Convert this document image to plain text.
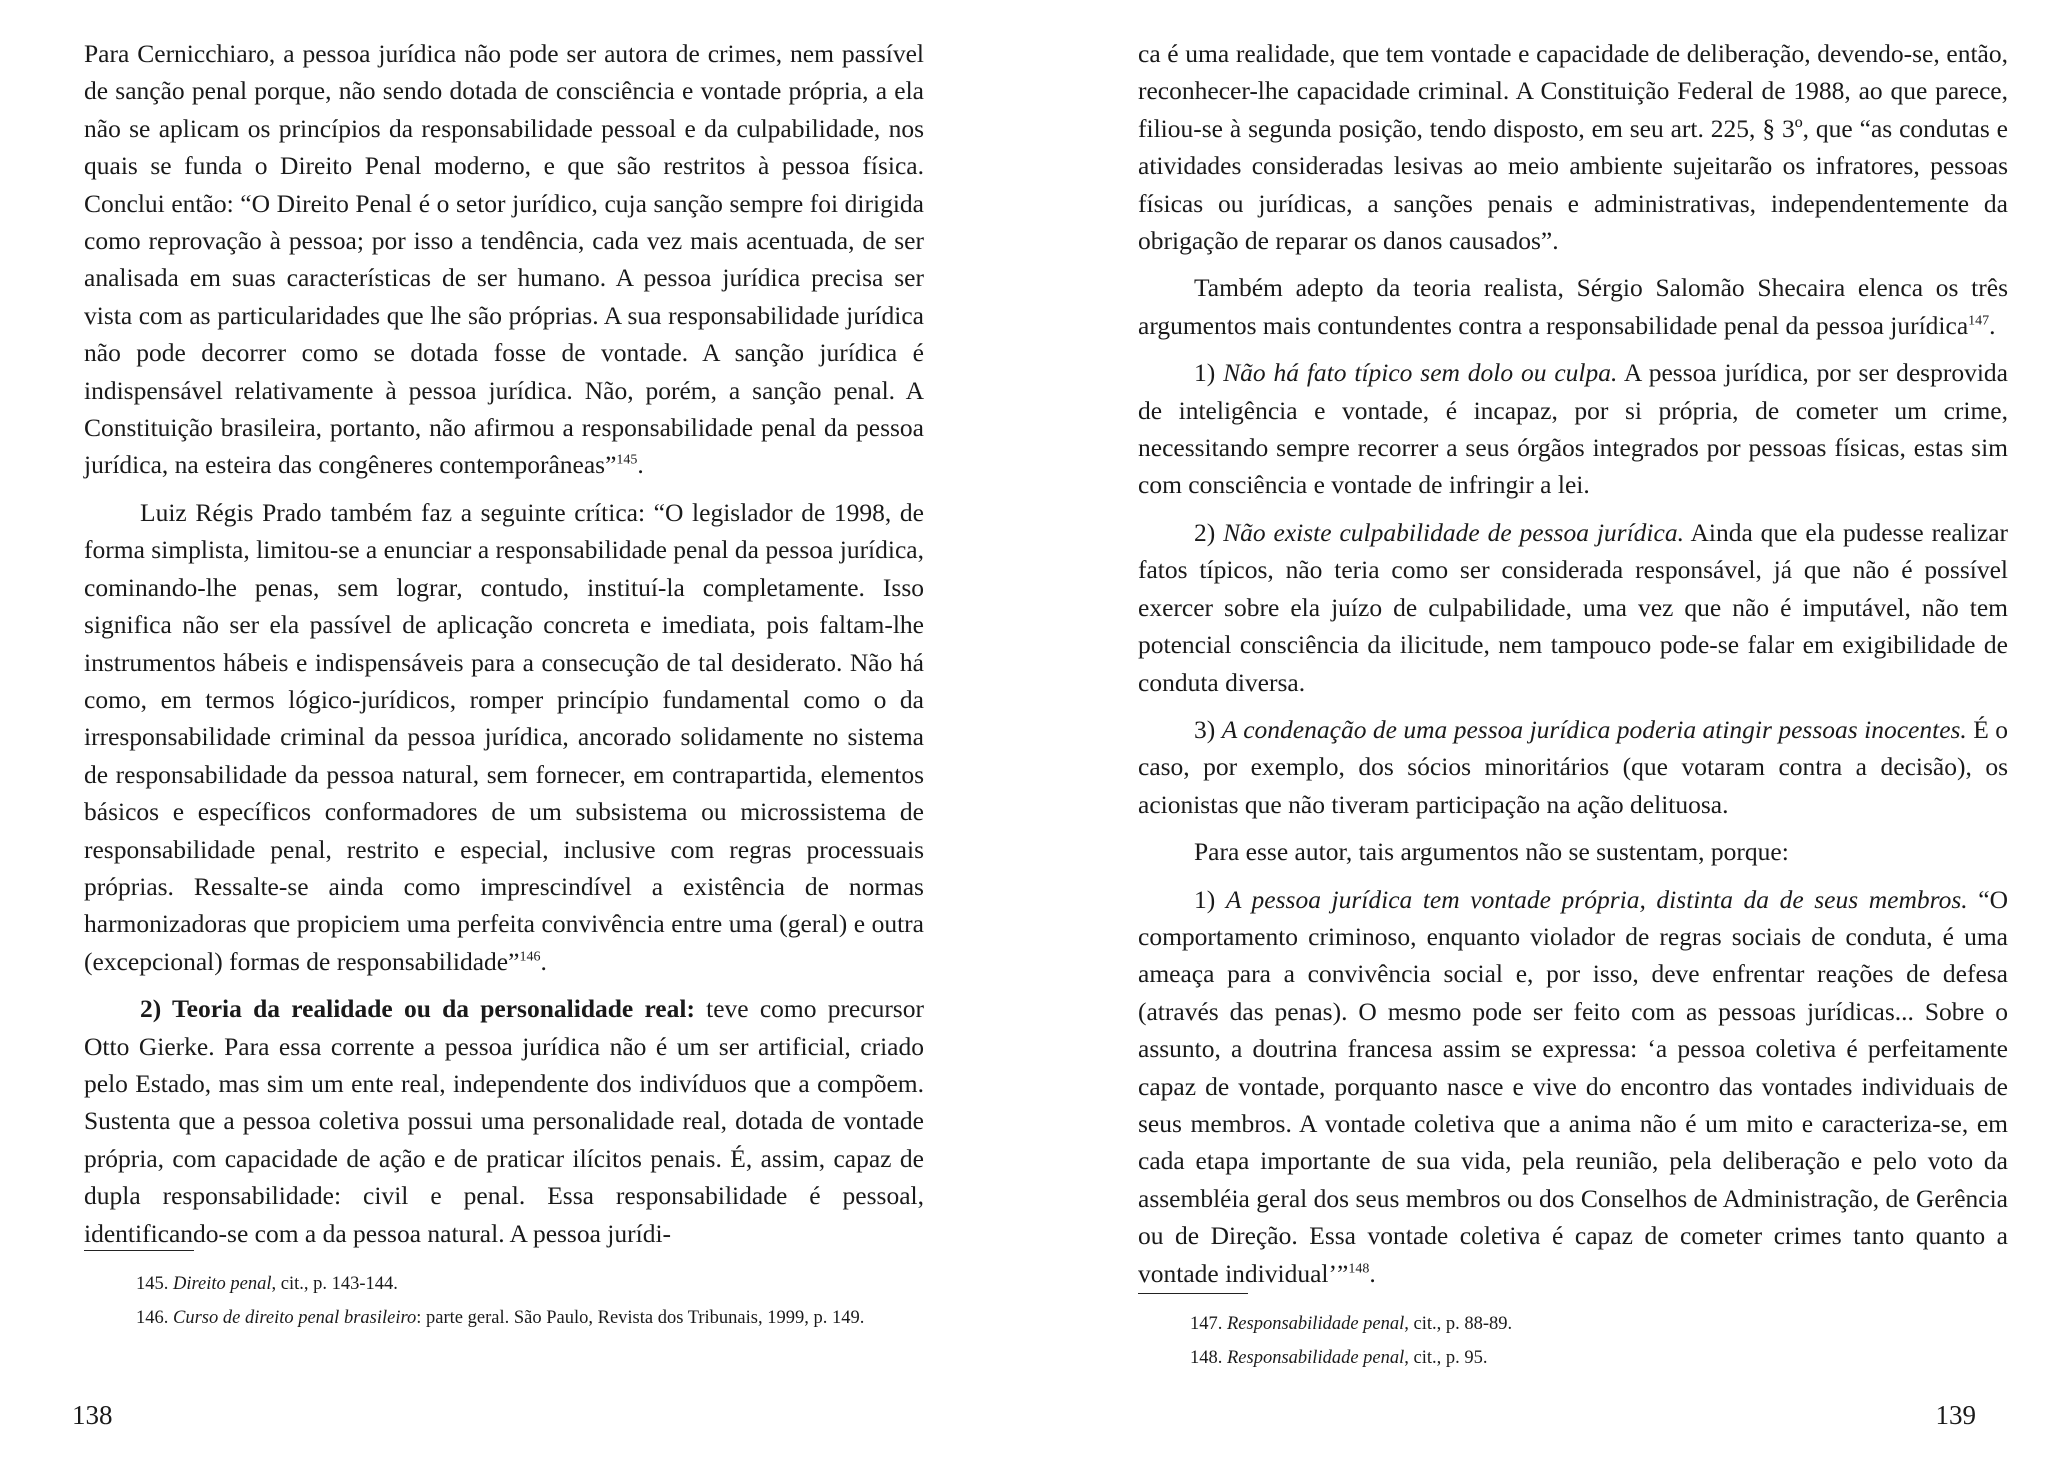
Para Cernicchiaro, a pessoa jurídica não pode ser autora de crimes, nem passível de sanção penal porque, não sendo dotada de consciência e vontade própria, a ela não se aplicam os princípios da responsabilidade pessoal e da culpabilidade, nos quais se funda o Direito Penal moderno, e que são restritos à pessoa física. Conclui então: “O Direito Penal é o setor jurídico, cuja sanção sempre foi dirigida como reprovação à pessoa; por isso a tendência, cada vez mais acentuada, de ser analisada em suas características de ser humano. A pessoa jurídica precisa ser vista com as particularidades que lhe são próprias. A sua responsabilidade jurídica não pode decorrer como se dotada fosse de vontade. A sanção jurídica é indispensável relativamente à pessoa jurídica. Não, porém, a sanção penal. A Constituição brasileira, portanto, não afirmou a responsabilidade penal da pessoa jurídica, na esteira das congêneres contemporâneas”$^{145}$.

Luiz Régis Prado também faz a seguinte crítica: “O legislador de 1998, de forma simplista, limitou-se a enunciar a responsabilidade penal da pessoa jurídica, cominando-lhe penas, sem lograr, contudo, instituí-la completamente. Isso significa não ser ela passível de aplicação concreta e imediata, pois faltam-lhe instrumentos hábeis e indispensáveis para a consecução de tal desiderato. Não há como, em termos lógico-jurídicos, romper princípio fundamental como o da irresponsabilidade criminal da pessoa jurídica, ancorado solidamente no sistema de responsabilidade da pessoa natural, sem fornecer, em contrapartida, elementos básicos e específicos conformadores de um subsistema ou microssistema de responsabilidade penal, restrito e especial, inclusive com regras processuais próprias. Ressalte-se ainda como imprescindível a existência de normas harmonizadoras que propiciem uma perfeita convivência entre uma (geral) e outra (excepcional) formas de responsabilidade”$^{146}$.

2) Teoria da realidade ou da personalidade real: teve como precursor Otto Gierke. Para essa corrente a pessoa jurídica não é um ser artificial, criado pelo Estado, mas sim um ente real, independente dos indivíduos que a compõem. Sustenta que a pessoa coletiva possui uma personalidade real, dotada de vontade própria, com capacidade de ação e de praticar ilícitos penais. É, assim, capaz de dupla responsabilidade: civil e penal. Essa responsabilidade é pessoal, identificando-se com a da pessoa natural. A pessoa jurídi-

145. Direito penal, cit., p. 143-144.

146. Curso de direito penal brasileiro: parte geral. São Paulo, Revista dos Tribunais, 1999, p. 149.

138

ca é uma realidade, que tem vontade e capacidade de deliberação, devendo-se, então, reconhecer-lhe capacidade criminal. A Constituição Federal de 1988, ao que parece, filiou-se à segunda posição, tendo disposto, em seu art. 225, § 3º, que “as condutas e atividades consideradas lesivas ao meio ambiente sujeitarão os infratores, pessoas físicas ou jurídicas, a sanções penais e administrativas, independentemente da obrigação de reparar os danos causados”.

Também adepto da teoria realista, Sérgio Salomão Shecaira elenca os três argumentos mais contundentes contra a responsabilidade penal da pessoa jurídica$^{147}$.

1) Não há fato típico sem dolo ou culpa. A pessoa jurídica, por ser desprovida de inteligência e vontade, é incapaz, por si própria, de cometer um crime, necessitando sempre recorrer a seus órgãos integrados por pessoas físicas, estas sim com consciência e vontade de infringir a lei.

2) Não existe culpabilidade de pessoa jurídica. Ainda que ela pudesse realizar fatos típicos, não teria como ser considerada responsável, já que não é possível exercer sobre ela juízo de culpabilidade, uma vez que não é imputável, não tem potencial consciência da ilicitude, nem tampouco pode-se falar em exigibilidade de conduta diversa.

3) A condenação de uma pessoa jurídica poderia atingir pessoas inocentes. É o caso, por exemplo, dos sócios minoritários (que votaram contra a decisão), os acionistas que não tiveram participação na ação delituosa.

Para esse autor, tais argumentos não se sustentam, porque:

1) A pessoa jurídica tem vontade própria, distinta da de seus membros. “O comportamento criminoso, enquanto violador de regras sociais de conduta, é uma ameaça para a convivência social e, por isso, deve enfrentar reações de defesa (através das penas). O mesmo pode ser feito com as pessoas jurídicas... Sobre o assunto, a doutrina francesa assim se expressa: ‘a pessoa coletiva é perfeitamente capaz de vontade, porquanto nasce e vive do encontro das vontades individuais de seus membros. A vontade coletiva que a anima não é um mito e caracteriza-se, em cada etapa importante de sua vida, pela reunião, pela deliberação e pelo voto da assembléia geral dos seus membros ou dos Conselhos de Administração, de Gerência ou de Direção. Essa vontade coletiva é capaz de cometer crimes tanto quanto a vontade individual’”$^{148}$.

147. Responsabilidade penal, cit., p. 88-89.

148. Responsabilidade penal, cit., p. 95.

139
